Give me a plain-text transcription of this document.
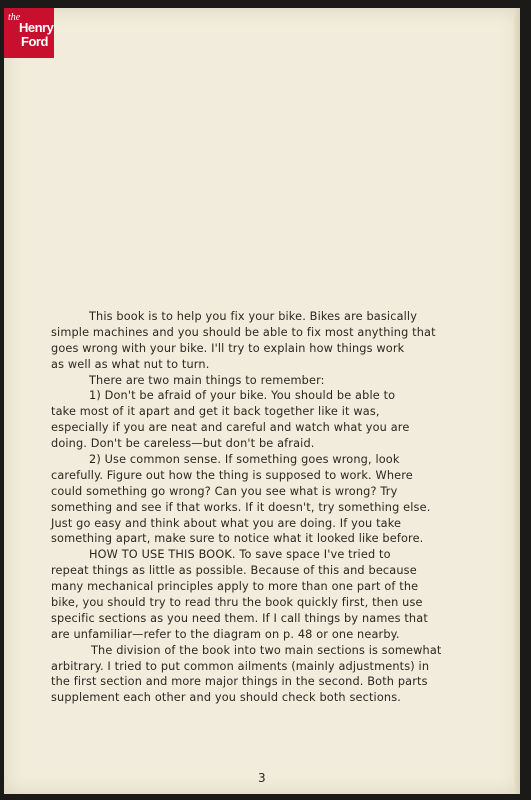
the
Henry
Ford
This book is to help you fix your bike. Bikes are basically
simple machines and you should be able to fix most anything that
goes wrong with your bike. I'll try to explain how things work
as well as what nut to turn.
There are two main things to remember:
1) Don't be afraid of your bike. You should be able to
take most of it apart and get it back together like it was,
especially if you are neat and careful and watch what you are
doing. Don't be careless—but don't be afraid.
2) Use common sense. If something goes wrong, look
carefully. Figure out how the thing is supposed to work. Where
could something go wrong? Can you see what is wrong? Try
something and see if that works. If it doesn't, try something else.
Just go easy and think about what you are doing. If you take
something apart, make sure to notice what it looked like before.
HOW TO USE THIS BOOK. To save space I've tried to
repeat things as little as possible. Because of this and because
many mechanical principles apply to more than one part of the
bike, you should try to read thru the book quickly first, then use
specific sections as you need them. If I call things by names that
are unfamiliar—refer to the diagram on p. 48 or one nearby.
The division of the book into two main sections is somewhat
arbitrary. I tried to put common ailments (mainly adjustments) in
the first section and more major things in the second. Both parts
supplement each other and you should check both sections.
3
